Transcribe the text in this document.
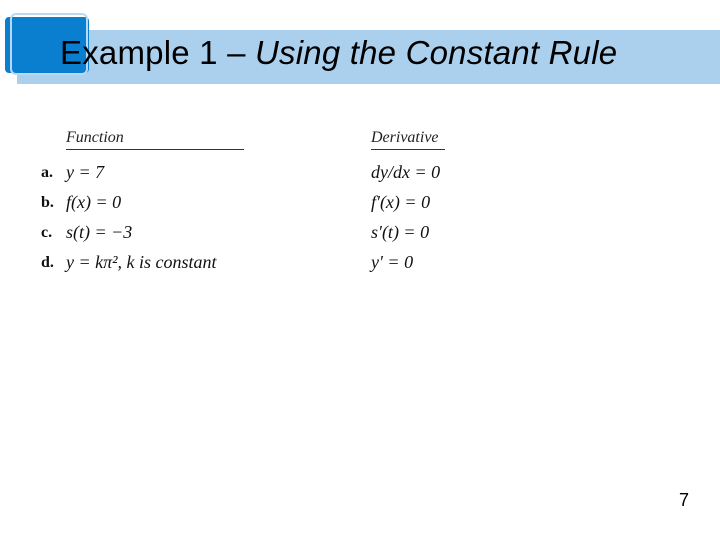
Example 1 – Using the Constant Rule
Function	Derivative
a. y = 7	dy/dx = 0
b. f(x) = 0	f′(x) = 0
c. s(t) = −3	s′(t) = 0
d. y = kπ², k is constant	y′ = 0
7
